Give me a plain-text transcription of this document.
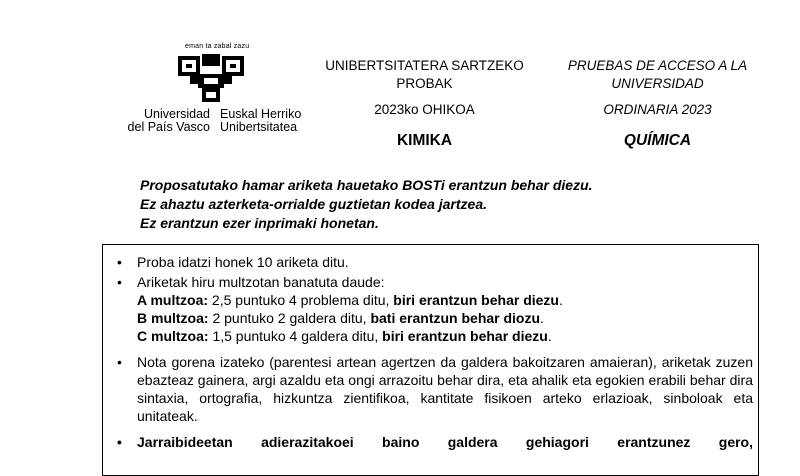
eman ta zabal zazu
Universidad
del País Vasco
Euskal Herriko
Unibertsitatea
UNIBERTSITATERA SARTZEKO
PROBAK
2023ko OHIKOA
KIMIKA
PRUEBAS DE ACCESO A LA
UNIVERSIDAD
ORDINARIA 2023
QUÍMICA
Proposatutako hamar ariketa hauetako BOSTi erantzun behar diezu.
Ez ahaztu azterketa-orrialde guztietan kodea jartzea.
Ez erantzun ezer inprimaki honetan.
• Proba idatzi honek 10 ariketa ditu.
• Ariketak hiru multzotan banatuta daude:
A multzoa: 2,5 puntuko 4 problema ditu, biri erantzun behar diezu.
B multzoa: 2 puntuko 2 galdera ditu, bati erantzun behar diozu.
C multzoa: 1,5 puntuko 4 galdera ditu, biri erantzun behar diezu.
• Nota gorena izateko (parentesi artean agertzen da galdera bakoitzaren amaieran), ariketak zuzen ebazteaz gainera, argi azaldu eta ongi arrazoitu behar dira, eta ahalik eta egokien erabili behar dira sintaxia, ortografia, hizkuntza zientifikoa, kantitate fisikoen arteko erlazioak, sinboloak eta unitateak.
• Jarraibideetan adierazitakoei baino galdera gehiagori erantzunez gero,
